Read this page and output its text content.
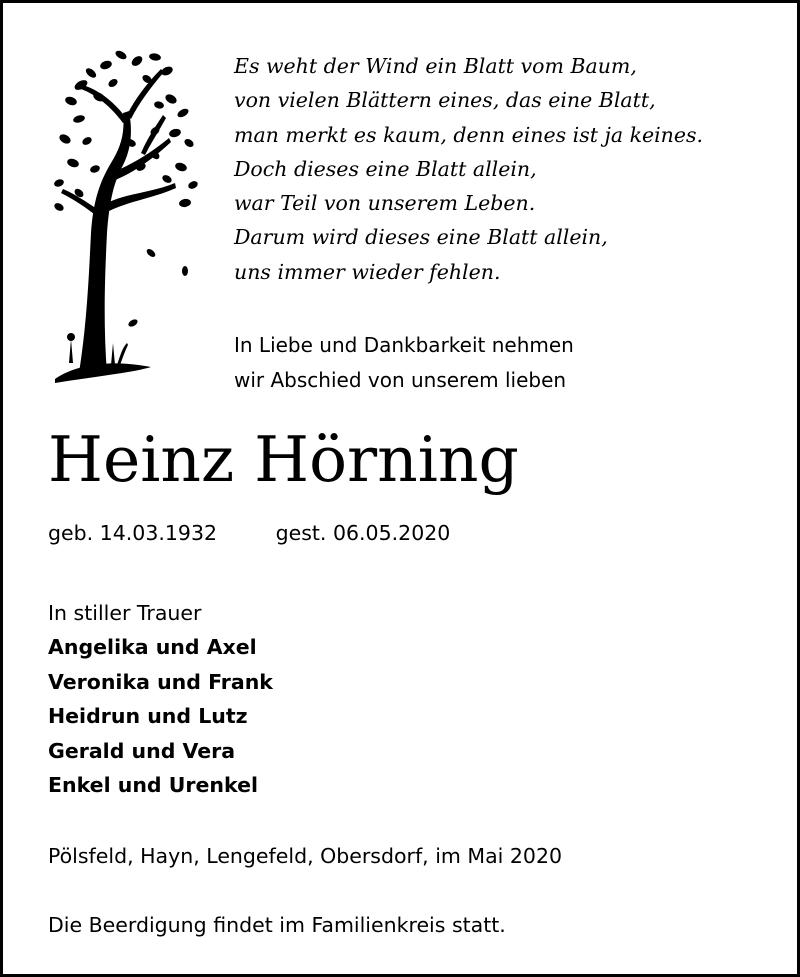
Es weht der Wind ein Blatt vom Baum,
von vielen Blättern eines, das eine Blatt,
man merkt es kaum, denn eines ist ja keines.
Doch dieses eine Blatt allein,
war Teil von unserem Leben.
Darum wird dieses eine Blatt allein,
uns immer wieder fehlen.
In Liebe und Dankbarkeit nehmen
wir Abschied von unserem lieben
Heinz Hörning
geb. 14.03.1932	gest. 06.05.2020
In stiller Trauer
Angelika und Axel
Veronika und Frank
Heidrun und Lutz
Gerald und Vera
Enkel und Urenkel
Pölsfeld, Hayn, Lengefeld, Obersdorf, im Mai 2020
Die Beerdigung findet im Familienkreis statt.
